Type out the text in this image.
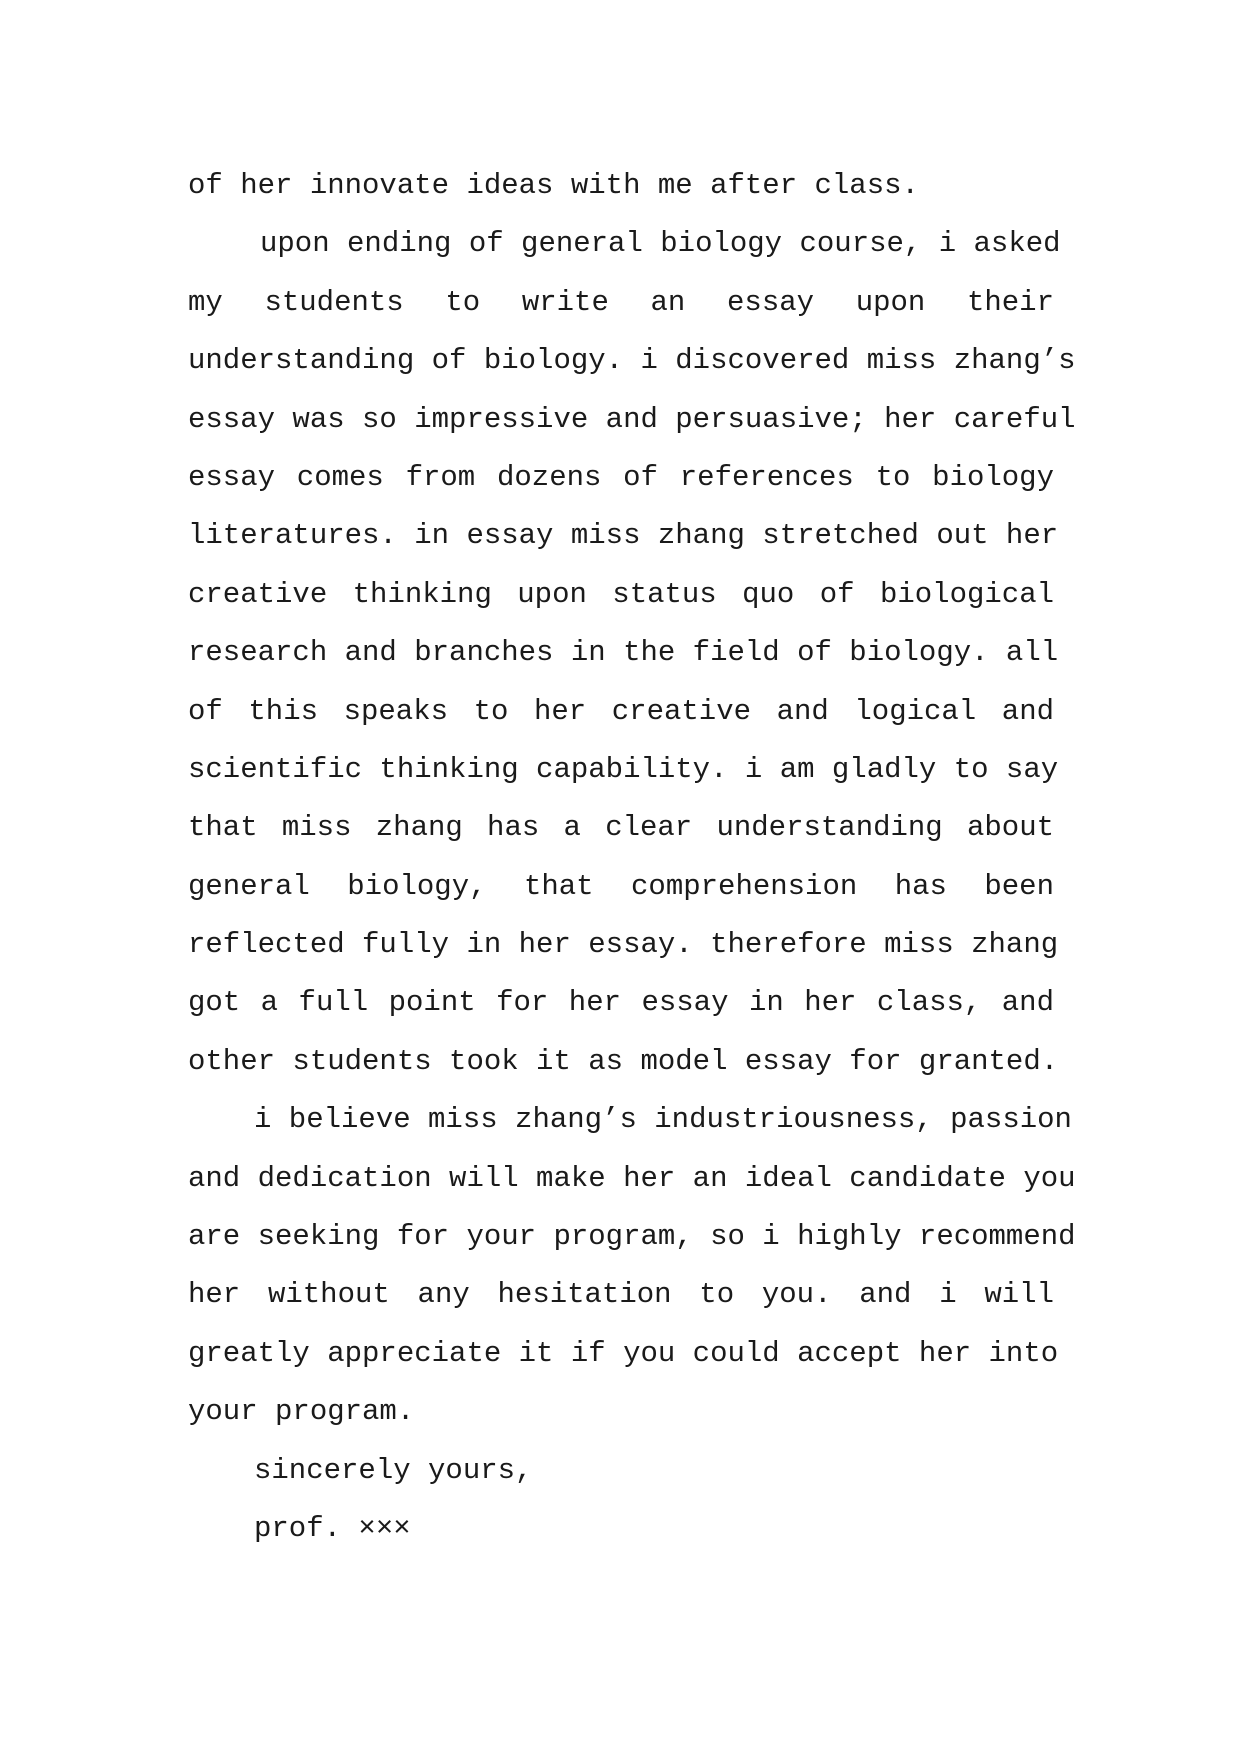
of her innovate ideas with me after class.
upon ending of general biology course, i asked
my students to write an essay upon their
understanding of biology. i discovered miss zhang’s
essay was so impressive and persuasive; her careful
essay comes from dozens of references to biology
literatures. in essay miss zhang stretched out her
creative thinking upon status quo of biological
research and branches in the field of biology. all
of this speaks to her creative and logical and
scientific thinking capability. i am gladly to say
that miss zhang has a clear understanding about
general biology, that comprehension has been
reflected fully in her essay. therefore miss zhang
got a full point for her essay in her class, and
other students took it as model essay for granted.
i believe miss zhang’s industriousness, passion
and dedication will make her an ideal candidate you
are seeking for your program, so i highly recommend
her without any hesitation to you. and i will
greatly appreciate it if you could accept her into
your program.
sincerely yours,
prof. ×××
